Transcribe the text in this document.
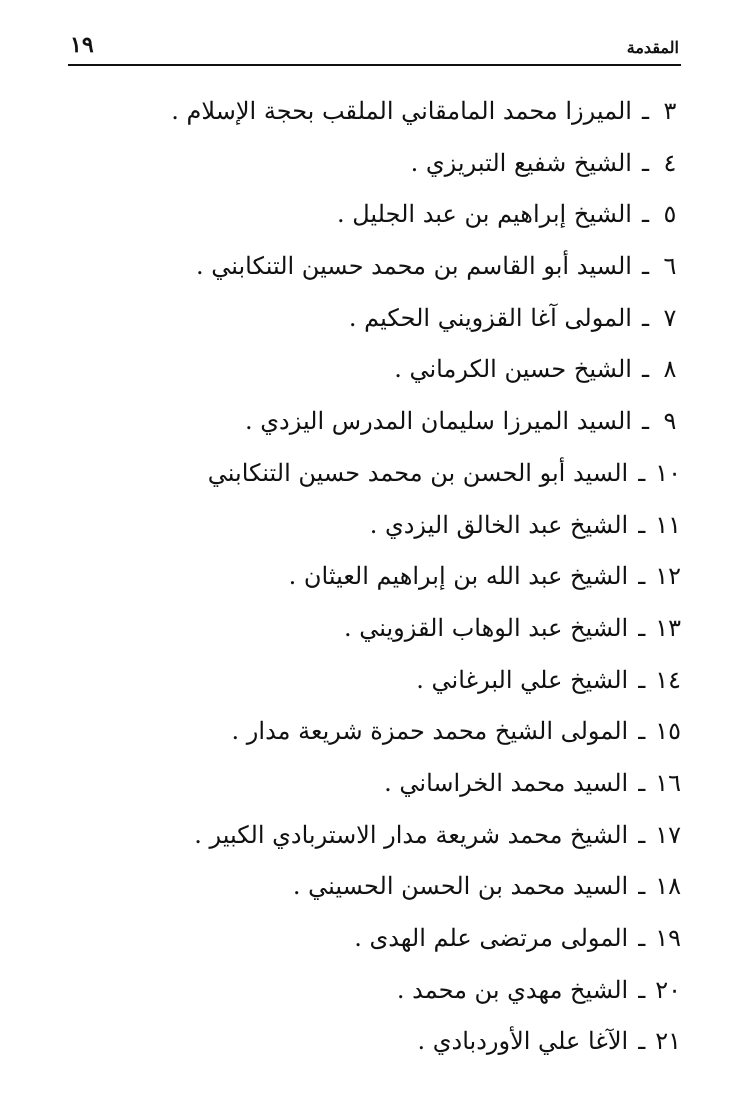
١٩	المقدمة
٣
ـ
الميرزا محمد المامقاني الملقب بحجة الإسلام .
٤
ـ
الشيخ شفيع التبريزي .
٥
ـ
الشيخ إبراهيم بن عبد الجليل .
٦
ـ
السيد أبو القاسم بن محمد حسين التنكابني .
٧
ـ
المولى آغا القزويني الحكيم .
٨
ـ
الشيخ حسين الكرماني .
٩
ـ
السيد الميرزا سليمان المدرس اليزدي .
١٠
ـ
السيد أبو الحسن بن محمد حسين التنكابني
١١
ـ
الشيخ عبد الخالق اليزدي .
١٢
ـ
الشيخ عبد الله بن إبراهيم العيثان .
١٣
ـ
الشيخ عبد الوهاب القزويني .
١٤
ـ
الشيخ علي البرغاني .
١٥
ـ
المولى الشيخ محمد حمزة شريعة مدار .
١٦
ـ
السيد محمد الخراساني .
١٧
ـ
الشيخ محمد شريعة مدار الاستربادي الكبير .
١٨
ـ
السيد محمد بن الحسن الحسيني .
١٩
ـ
المولى مرتضى علم الهدى .
٢٠
ـ
الشيخ مهدي بن محمد .
٢١
ـ
الآغا علي الأوردبادي .
